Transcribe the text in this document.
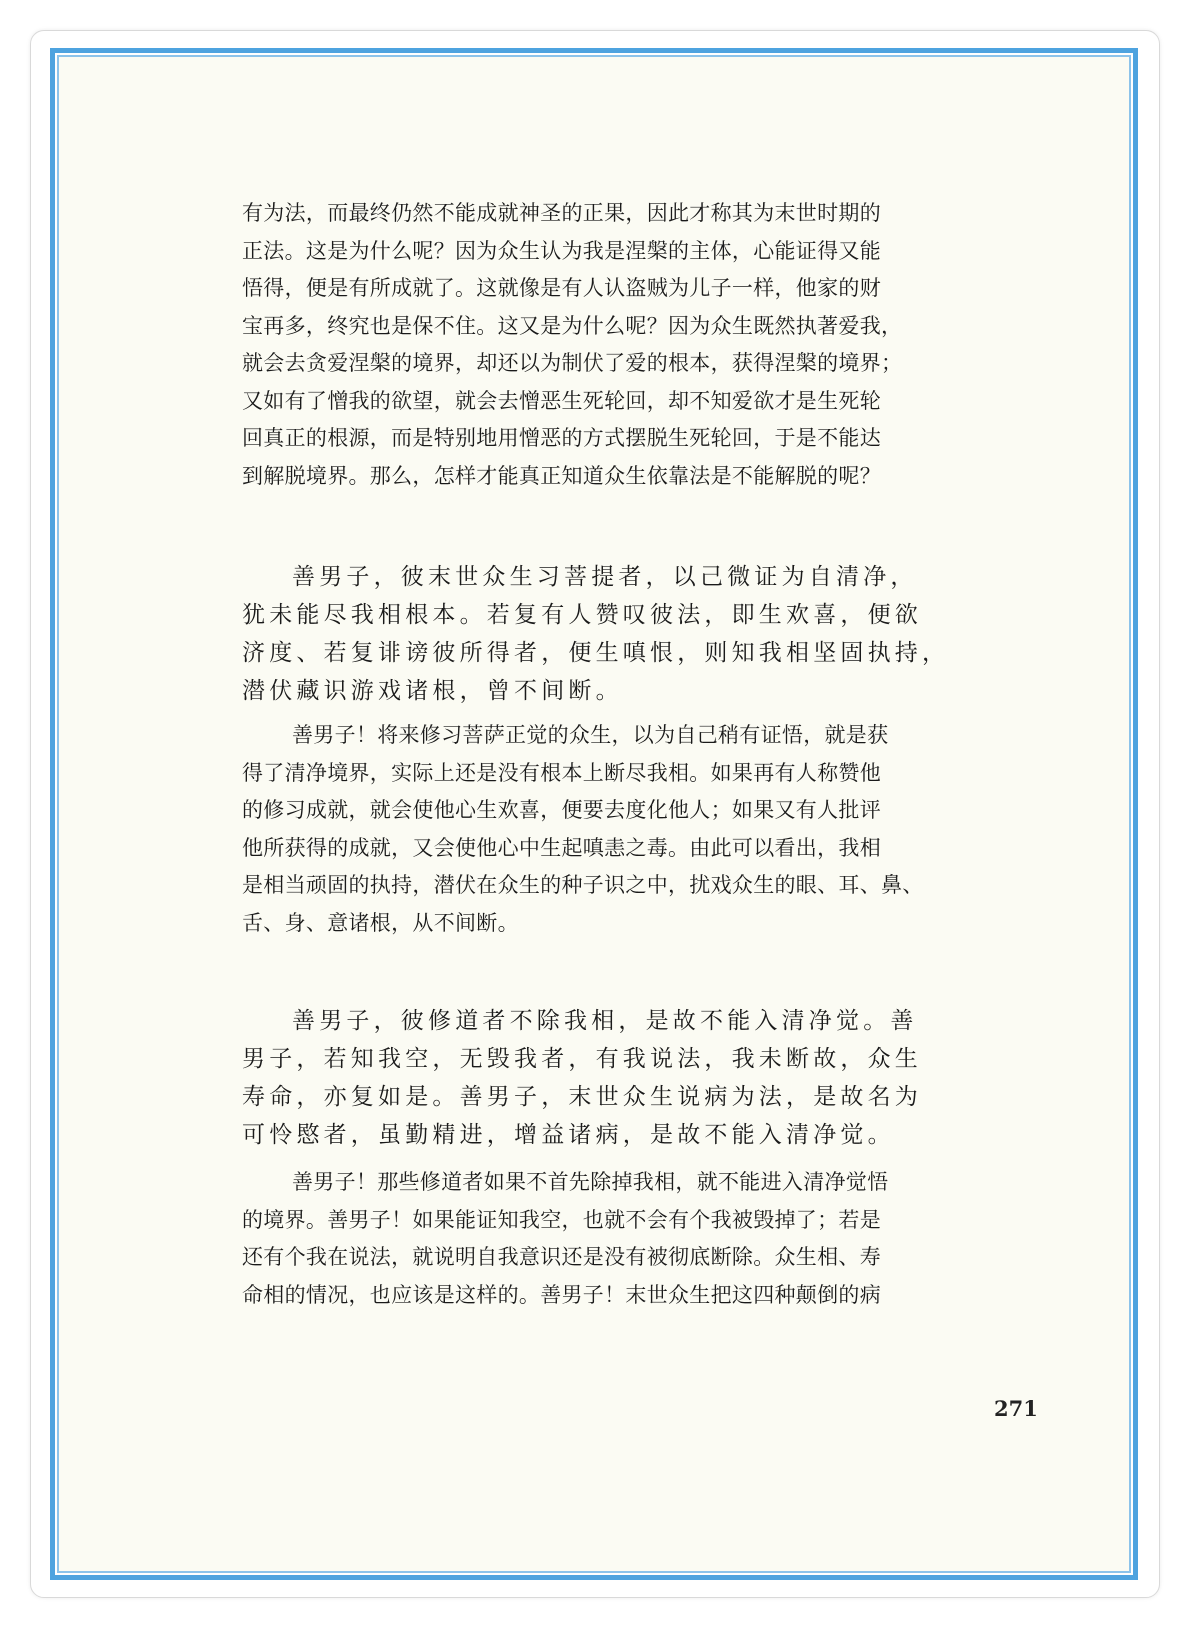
有为法，而最终仍然不能成就神圣的正果，因此才称其为末世时期的
正法。这是为什么呢？因为众生认为我是涅槃的主体，心能证得又能
悟得，便是有所成就了。这就像是有人认盗贼为儿子一样，他家的财
宝再多，终究也是保不住。这又是为什么呢？因为众生既然执著爱我，
就会去贪爱涅槃的境界，却还以为制伏了爱的根本，获得涅槃的境界；
又如有了憎我的欲望，就会去憎恶生死轮回，却不知爱欲才是生死轮
回真正的根源，而是特别地用憎恶的方式摆脱生死轮回，于是不能达
到解脱境界。那么，怎样才能真正知道众生依靠法是不能解脱的呢？
善男子，彼末世众生习菩提者，以己微证为自清净，
犹未能尽我相根本。若复有人赞叹彼法，即生欢喜，便欲
济度、若复诽谤彼所得者，便生嗔恨，则知我相坚固执持，
潜伏藏识游戏诸根，曾不间断。
善男子！将来修习菩萨正觉的众生，以为自己稍有证悟，就是获
得了清净境界，实际上还是没有根本上断尽我相。如果再有人称赞他
的修习成就，就会使他心生欢喜，便要去度化他人；如果又有人批评
他所获得的成就，又会使他心中生起嗔恚之毒。由此可以看出，我相
是相当顽固的执持，潜伏在众生的种子识之中，扰戏众生的眼、耳、鼻、
舌、身、意诸根，从不间断。
善男子，彼修道者不除我相，是故不能入清净觉。善
男子，若知我空，无毁我者，有我说法，我未断故，众生
寿命，亦复如是。善男子，末世众生说病为法，是故名为
可怜愍者，虽勤精进，增益诸病，是故不能入清净觉。
善男子！那些修道者如果不首先除掉我相，就不能进入清净觉悟
的境界。善男子！如果能证知我空，也就不会有个我被毁掉了；若是
还有个我在说法，就说明自我意识还是没有被彻底断除。众生相、寿
命相的情况，也应该是这样的。善男子！末世众生把这四种颠倒的病
271
